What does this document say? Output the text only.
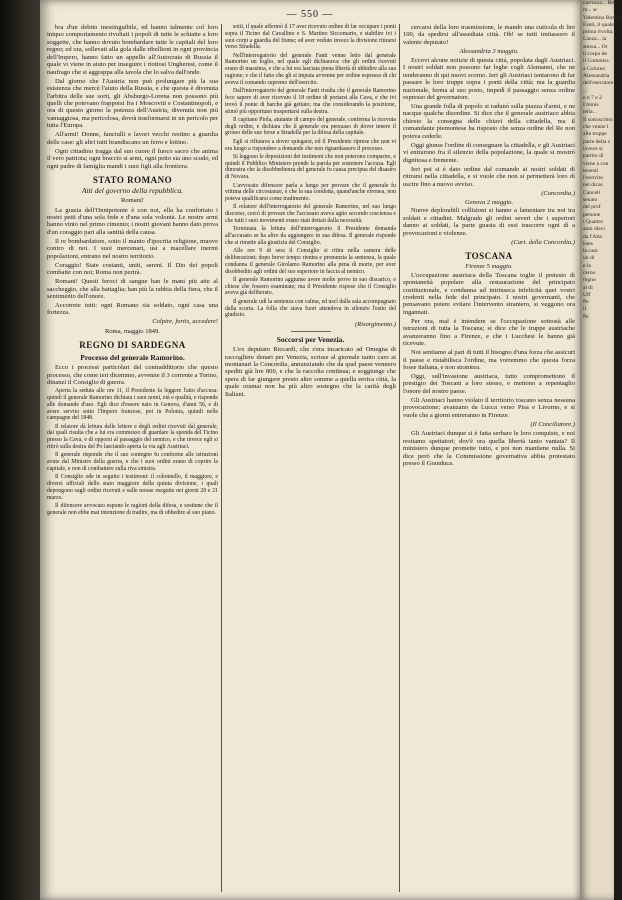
— 550 —

bra d'un debito inestinguibile, ed hanno talmente col loro iniquo comportamento rivoltati i popoli di tutte le schiatte a loro soggette, che hanno dovuto bombardare tutte le capitali del loro regno; ed ora, sollevati alla gola dalle ribellioni in ogni provincia dell'Impero, hanno fatto un appello all'Autocrata di Russia il quale vi viene in aiuto per inseguire i riottosi Ungheresi, come il naufrago che si aggrappa alla tavola che lo salva dall'onde.

Dal giorno che l'Austria non può prolungare più la sua esistenza che mercè l'aiuto della Russia, e che questa è divenuta l'arbitra delle sue sorti, gli Absburgo-Lorena non possono più quelli che potevano frapporsi fra i Moscoviti e Costantinopoli, e ora di questo giorno la potenza dell'Austria, divenuta non più vantaggiosa, ma pericolosa, dovrà trasformarsi in un pericolo per tutta l'Europa.

All'armi! Donne, fanciulli e lavori vecchi restino a guardia delle case: gli altri tutti brandiscano un ferro e lottino.

Ogni cittadino tragga dal suo cuore il fuoco sacro che anima il vero patriota; ogni braccio si armi, ogni petto sia uno scudo, ed ogni padre di famiglia mandi i suoi figli alla frontiera.

STATO ROMANO
Atti del governo della repubblica.
Romani!

La grazia dell'Onnipotente è con noi, ella ha confortato i nostri petti d'una sola fede e d'una sola volontà. Le nostre armi hanno vinto nel primo cimento; i nostri giovani hanno dato prova d'un coraggio pari alla santità della causa.

Il re bombardatore, sotto il manto d'ipocrita religione, muove contro di noi. I suoi mercenari, usi a macellare inermi popolazioni, entrano nel nostro territorio.

Coraggio! Siate costanti, uniti, sereni. Il Dio dei popoli combatte con noi; Roma non perirà.

Romani! Questi feroci di sangue han le mani più atte al saccheggio, che alla battaglia; han più la rabbia della fiera, che il sentimento dell'onore.

Accorrete tutti: ogni Romano sia soldato, ogni casa una fortezza.

Colpire, fortis, accedere!
Roma, maggio 1849.
REGNO DI SARDEGNA
Processo del generale Ramorino.

Ecco i processi particolari del contraddittorio che questo processo, che come ieri dicemmo, avvenne il 3 corrente a Torino, dinanzi il Consiglio di guerra.

Aperta la seduta alle ore 11, il Presidente fa leggere l'atto d'accusa: quindi il generale Ramorino dichiara i suoi nomi, età e qualità, e risponde alle domande d'uso. Egli dice d'essere nato in Genova, d'anni 56, e di avere servito sotto l'Impero francese, poi in Polonia, quindi nelle campagne del 1848.

Il relatore dà lettura delle lettere e degli ordini ricevuti dal generale, dai quali risulta che a lui era commesso di guardare la sponda del Ticino presso la Cava, e di opporsi al passaggio del nemico, e che invece egli si ritirò sulla destra del Po lasciando aperta la via agli Austriaci.

Il generale risponde che il suo contegno fu conforme alle istruzioni avute dal Ministro della guerra, e che i suoi ordini erano di coprire la capitale, e non di combattere sulla riva sinistra.

Il Consiglio ode in seguito i testimoni: il colonnello, il maggiore, e diversi ufficiali dello stato maggiore della quinta divisione, i quali depongono sugli ordini ricevuti e sulle mosse eseguite nei giorni 20 e 21 marzo.

Il difensore avvocato espone le ragioni della difesa, e sostiene che il generale non ebbe mai intenzione di tradire, ma di obbedire al suo piano.

sotti, il quale affermò il 17 aver ricevuto ordine di far occupare i ponti sopra il Ticino dal Cavallino e S. Martino Siccomario, e stabilire ivi i suoi corpi a guardia del fiume; ed aver veduto invece la divisione ritirarsi verso Stradella.

Nell'interrogatorio del generale Fanti venne letto dal generale Ramorino un foglio, nel quale egli dichiarava: che gli ordini ricevuti erano di massima, e che a lui era lasciata piena libertà di ubbidire alla sua ragione; e che il fatto che gli si imputa avvenne per ordine espresso di chi aveva il comando supremo dell'esercito.

Dall'interrogatorio del generale Fanti risulta che il generale Ramorino fece sapere di aver ricevuto il 18 ordine di portarsi alla Cava, e che ivi trovò il ponte di barche già gettato; ma che considerando la posizione, stimò più opportuno trasportarsi sulla destra.

Il capitano Piola, aiutante di campo del generale, conferma la ricevuta degli ordini, e dichiara che il generale era persuaso di dover tenere il grosso delle sue forze a Stradella per la difesa della capitale.

Egli si rifiutava a dover spiegarsi, ed il Presidente riprese che non vi era luogo a rispondere a domande che non riguardassero il processo.

Si leggono le deposizioni dei testimoni che non poterono comparire, e quindi il Pubblico Ministero prende la parola per sostenere l'accusa. Egli dimostra che la disobbedienza del generale fu causa precipua del disastro di Novara.

L'avvocato difensore parla a lungo per provare che il generale fu vittima delle circostanze, e che la sua condotta, quand'anche erronea, non poteva qualificarsi come tradimento.

Il relatore dell'interrogatorio del generale Ramorino, nel suo lungo discorso, cercò di provare che l'accusato aveva agito secondo coscienza e che tutti i suoi movimenti erano stati dettati dalla necessità.

Terminata la lettura dell'interrogatorio il Presidente domanda all'accusato se ha altro da aggiungere in sua difesa. Il generale risponde che si rimette alla giustizia del Consiglio.

Alle ore 9 di sera il Consiglio si ritira nella camera delle deliberazioni; dopo breve tempo rientra e pronunzia la sentenza, la quale condanna il generale Girolamo Ramorino alla pena di morte, per aver disobbedito agli ordini del suo superiore in faccia al nemico.

Il generale Ramorino aggiunse avere molte prove in suo discarico, e chiese che fossero esaminate; ma il Presidente rispose che il Consiglio aveva già deliberato.

Il generale udì la sentenza con calma, ed uscì dalla sala accompagnato dalla scorta. La folla che stava fuori attendeva in silenzio l'esito del giudizio.

(Risorgimento.)
Soccorsi per Venezia.

L'ex deputato Riccardi, che s'era incaricato ad Omegna di raccogliere denari per Venezia, scrisse al giornale tanto caro ai montanari la Concordia, annunziando che da quel paese vennero spediti già lire 800, e che la raccolta continua; e soggiunge che spera di far giungere presto altre somme a quella eroica città, la quale oramai non ha più altro sostegno che la carità degli Italiani.

cercarsi della loro trasmissione, le mando una cuticula di lire 100, da spedirsi all'assediata città. Oh! se tutti imitassero il valente deputato!

Alessandria 3 maggio.

Eccovi alcune notizie di questa città, popolata dagli Austriaci. I nostri soldati non possono far leghe cogli Alemanni, che ne tenderanno di qui nuovi scorno. Ieri gli Austriaci tentarono di far passare le loro truppe sopra i ponti della città; ma la guardia nazionale, ferma al suo posto, impedì il passaggio senza ordine espresso del governatore.

Una grande folla di popolo si radunò sulla piazza d'armi, e ne nacque qualche disordine. Si dice che il generale austriaco abbia chiesto la consegna delle chiavi della cittadella, ma il comandante piemontese ha risposto che senza ordine del Re non poteva cederle.

Oggi giunse l'ordine di consegnare la cittadella, e gli Austriaci vi entrarono fra il silenzio della popolazione, la quale si mostrò dignitosa e fremente.

Ieri poi si è dato ordine dal comando ai nostri soldati di ritirarsi nella cittadella, e si vuole che non si permetterà loro di uscire fino a nuovo avviso.

(Concordia.)
Genova 2 maggio.

Nuove deplorabili collisioni si hanno a lamentare tra noi tra soldati e cittadini. Malgrado gli ordini severi che i superiori danno ai soldati, la parte guasta di essi trascorre ogni dì a provocazioni e violenze.

(Cart. della Concordia.)
TOSCANA
Firenze 5 maggio.

L'occupazione austriaca della Toscana toglie il pretesto di spontaneità popolare alla restaurazione del principato costituzionale, e condanna ad intrinseca infelicità quei vostri credenti nella fede del principato. I nostri governanti, che pensavano potere evitare l'intervento straniero, si veggono ora ingannati.

Per ora, mal è intendere se l'occupazione sottostà alle istruzioni di tutta la Toscana; si dice che le truppe austriache avanzeranno fino a Firenze, e che i Lucchesi le hanno già ricevute.

Noi sentiamo al pari di tutti il bisogno d'una forza che assicuri il paese e ristabilisca l'ordine, ma vorremmo che questa forza fosse italiana, e non straniera.

Oggi, sull'invasione austriaca, tutto compromettono il prestigio dei Toscani a loro stesso, e mettono a repentaglio l'onore del nostro paese.

Gli Austriaci hanno violato il territorio toscano senza nessuna provocazione; avanzano da Lucca verso Pisa e Livorno, e si vuole che a giorni entreranno in Firenze.

(Il Conciliatore.)

Gli Austriaci dunque si è fatta serbare le loro conquiste, e noi restiamo spettatori; dov'è ora quella libertà tanto vantata? Il ministero dunque promette tutto, e poi non mantiene nulla. Si dice però che la Commissione governativa abbia protestato presso il Granduca.

carrozza... Bro
re... sc
Valentino Bomba
Fanti, il quale
prima rivolta.
Lanza... la
stessa... Or
il corpo de
il Commiss
a Colorno
Alessandria
dell'esecutore
...
e n 7 e 2
I minis
tella...
Il sottoscritto
che venne l
alle truppe
parte della s
invece si
partito di
viene a con
tenenti
l'esercito
nel dicas
Cancell
senato
del prof
persone
i Quattro
anni dieci
da l'Alta
istes
la cam
un di
e la
cerno
regno
al di
Uff
Pe
il
Pe
